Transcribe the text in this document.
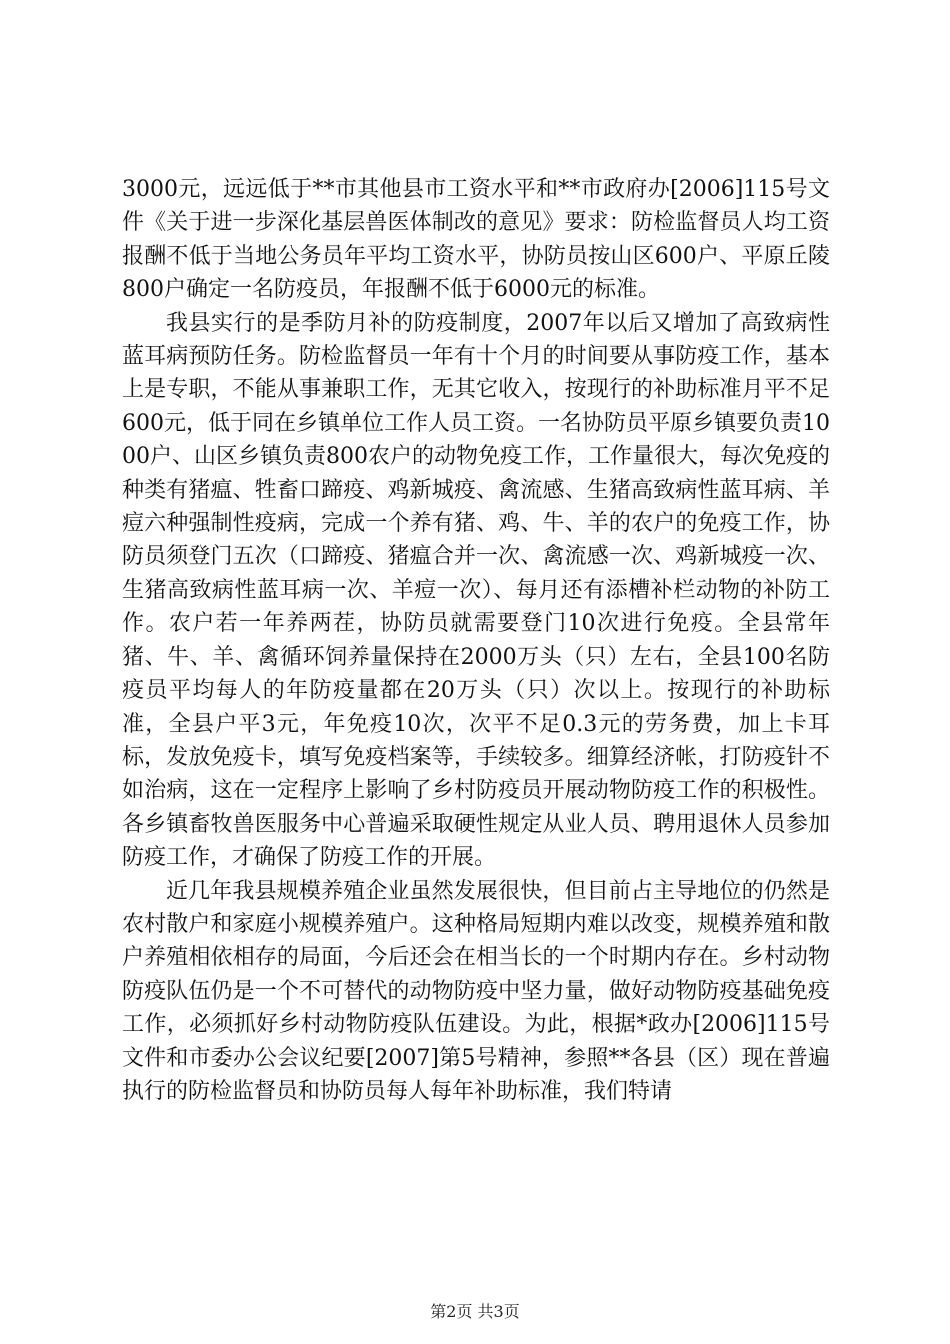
3000元，远远低于**市其他县市工资水平和**市政府办[2006]115号文件《关于进一步深化基层兽医体制改的意见》要求：防检监督员人均工资报酬不低于当地公务员年平均工资水平，协防员按山区600户、平原丘陵800户确定一名防疫员，年报酬不低于6000元的标准。

我县实行的是季防月补的防疫制度，2007年以后又增加了高致病性蓝耳病预防任务。防检监督员一年有十个月的时间要从事防疫工作，基本上是专职，不能从事兼职工作，无其它收入，按现行的补助标准月平不足600元，低于同在乡镇单位工作人员工资。一名协防员平原乡镇要负责1000户、山区乡镇负责800农户的动物免疫工作，工作量很大，每次免疫的种类有猪瘟、牲畜口蹄疫、鸡新城疫、禽流感、生猪高致病性蓝耳病、羊痘六种强制性疫病，完成一个养有猪、鸡、牛、羊的农户的免疫工作，协防员须登门五次（口蹄疫、猪瘟合并一次、禽流感一次、鸡新城疫一次、生猪高致病性蓝耳病一次、羊痘一次）、每月还有添槽补栏动物的补防工作。农户若一年养两茬，协防员就需要登门10次进行免疫。全县常年猪、牛、羊、禽循环饲养量保持在2000万头（只）左右，全县100名防疫员平均每人的年防疫量都在20万头（只）次以上。按现行的补助标准，全县户平3元，年免疫10次，次平不足0.3元的劳务费，加上卡耳标，发放免疫卡，填写免疫档案等，手续较多。细算经济帐，打防疫针不如治病，这在一定程序上影响了乡村防疫员开展动物防疫工作的积极性。各乡镇畜牧兽医服务中心普遍采取硬性规定从业人员、聘用退休人员参加防疫工作，才确保了防疫工作的开展。

近几年我县规模养殖企业虽然发展很快，但目前占主导地位的仍然是农村散户和家庭小规模养殖户。这种格局短期内难以改变，规模养殖和散户养殖相依相存的局面，今后还会在相当长的一个时期内存在。乡村动物防疫队伍仍是一个不可替代的动物防疫中坚力量，做好动物防疫基础免疫工作，必须抓好乡村动物防疫队伍建设。为此，根据*政办[2006]115号文件和市委办公会议纪要[2007]第5号精神，参照**各县（区）现在普遍执行的防检监督员和协防员每人每年补助标准，我们特请

第2页 共3页
